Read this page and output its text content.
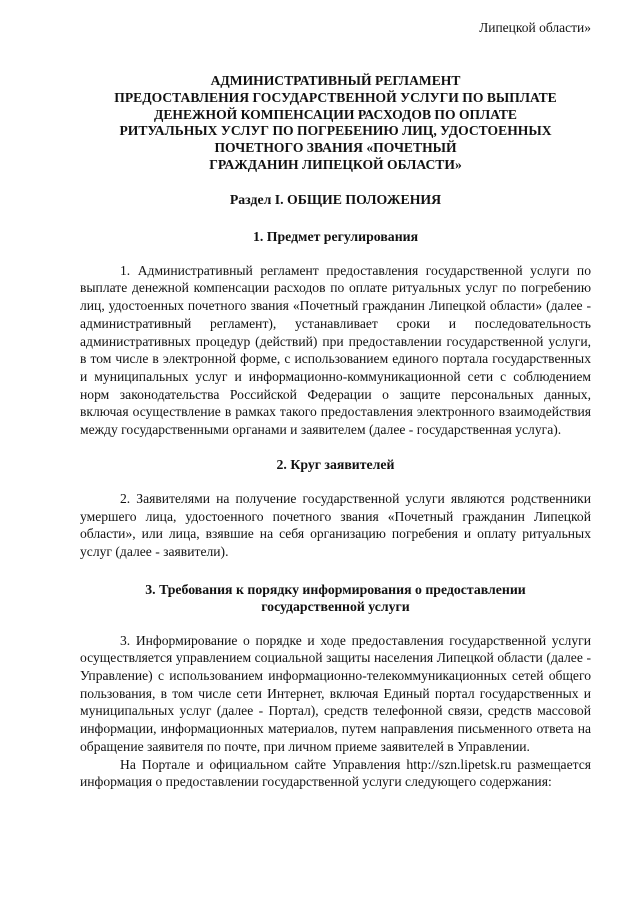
Липецкой области»
АДМИНИСТРАТИВНЫЙ РЕГЛАМЕНТ
ПРЕДОСТАВЛЕНИЯ ГОСУДАРСТВЕННОЙ УСЛУГИ ПО ВЫПЛАТЕ
ДЕНЕЖНОЙ КОМПЕНСАЦИИ РАСХОДОВ ПО ОПЛАТЕ
РИТУАЛЬНЫХ УСЛУГ ПО ПОГРЕБЕНИЮ ЛИЦ, УДОСТОЕННЫХ
ПОЧЕТНОГО ЗВАНИЯ «ПОЧЕТНЫЙ
ГРАЖДАНИН ЛИПЕЦКОЙ ОБЛАСТИ»
Раздел I. ОБЩИЕ ПОЛОЖЕНИЯ
1. Предмет регулирования

1. Административный регламент предоставления государственной услуги по выплате денежной компенсации расходов по оплате ритуальных услуг по погребению лиц, удостоенных почетного звания «Почетный гражданин Липецкой области» (далее - административный регламент), устанавливает сроки и последовательность административных процедур (действий) при предоставлении государственной услуги, в том числе в электронной форме, с использованием единого портала государственных и муниципальных услуг и информационно-коммуникационной сети с соблюдением норм законодательства Российской Федерации о защите персональных данных, включая осуществление в рамках такого предоставления электронного взаимодействия между государственными органами и заявителем (далее - государственная услуга).

2. Круг заявителей

2. Заявителями на получение государственной услуги являются родственники умершего лица, удостоенного почетного звания «Почетный гражданин Липецкой области», или лица, взявшие на себя организацию погребения и оплату ритуальных услуг (далее - заявители).

3. Требования к порядку информирования о предоставлении
государственной услуги

3. Информирование о порядке и ходе предоставления государственной услуги осуществляется управлением социальной защиты населения Липецкой области (далее - Управление) с использованием информационно-телекоммуникационных сетей общего пользования, в том числе сети Интернет, включая Единый портал государственных и муниципальных услуг (далее - Портал), средств телефонной связи, средств массовой информации, информационных материалов, путем направления письменного ответа на обращение заявителя по почте, при личном приеме заявителей в Управлении.

На Портале и официальном сайте Управления http://szn.lipetsk.ru размещается информация о предоставлении государственной услуги следующего содержания:
